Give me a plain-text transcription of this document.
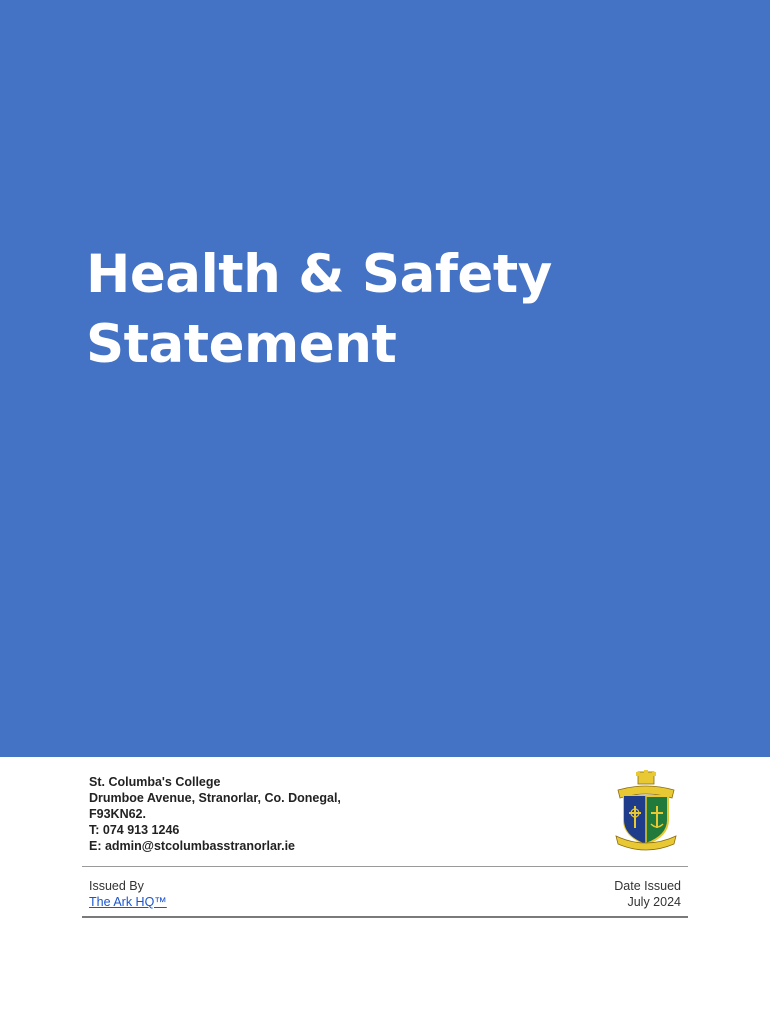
Health & Safety
Statement
St. Columba's College
Drumboe Avenue, Stranorlar, Co. Donegal,
F93KN62.
T: 074 913 1246
E: admin@stcolumbasstranorlar.ie
Issued By
The Ark HQ™
Date Issued
July 2024
